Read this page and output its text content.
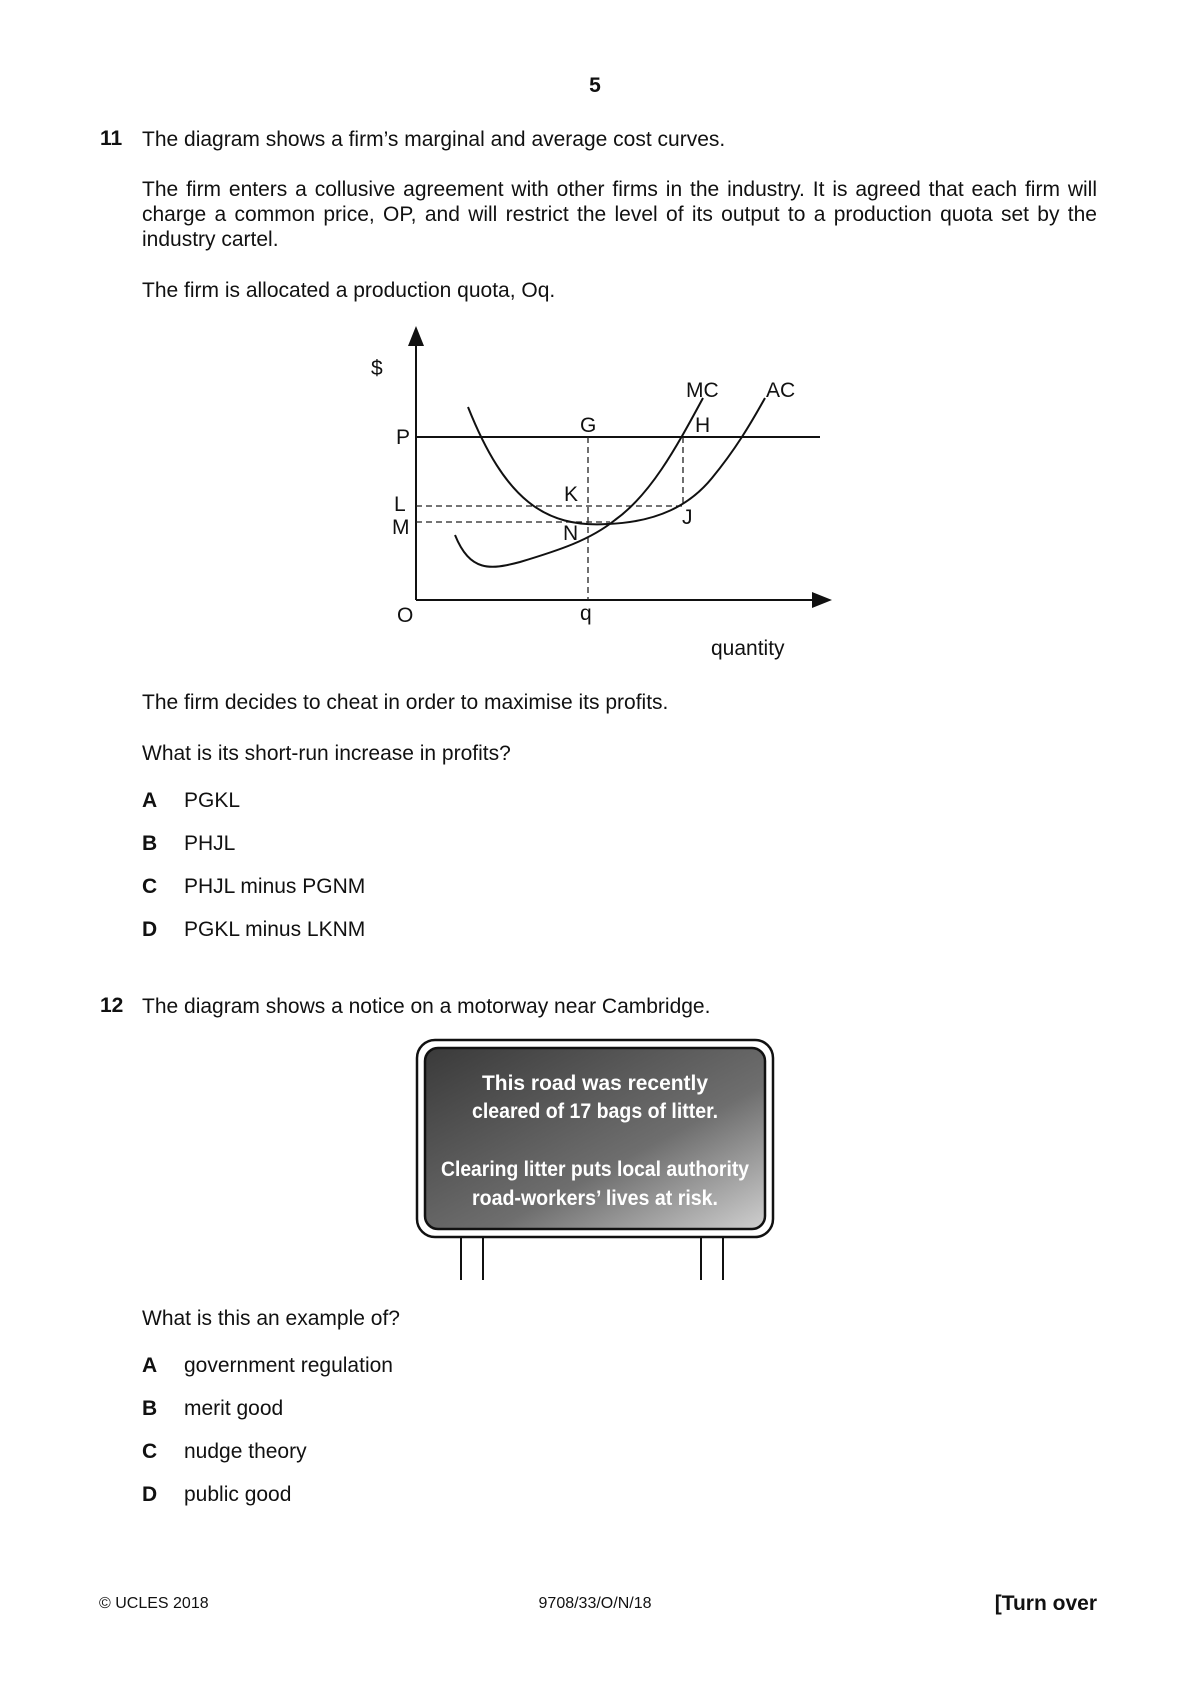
5
11 The diagram shows a firm’s marginal and average cost curves.
The firm enters a collusive agreement with other firms in the industry. It is agreed that each firm will charge a common price, OP, and will restrict the level of its output to a production quota set by the industry cartel.
The firm is allocated a production quota, Oq.
$
P
L
M
O	q
quantity
G	H
K
N
J
MC AC
The firm decides to cheat in order to maximise its profits.
What is its short-run increase in profits?
A PGKL
B PHJL
C PHJL minus PGNM
D PGKL minus LKNM
12 The diagram shows a notice on a motorway near Cambridge.
This road was recently
cleared of 17 bags of litter.
Clearing litter puts local authority
road-workers’ lives at risk.
What is this an example of?
A government regulation
B merit good
C nudge theory
D public good
© UCLES 2018	9708/33/O/N/18	[Turn over
